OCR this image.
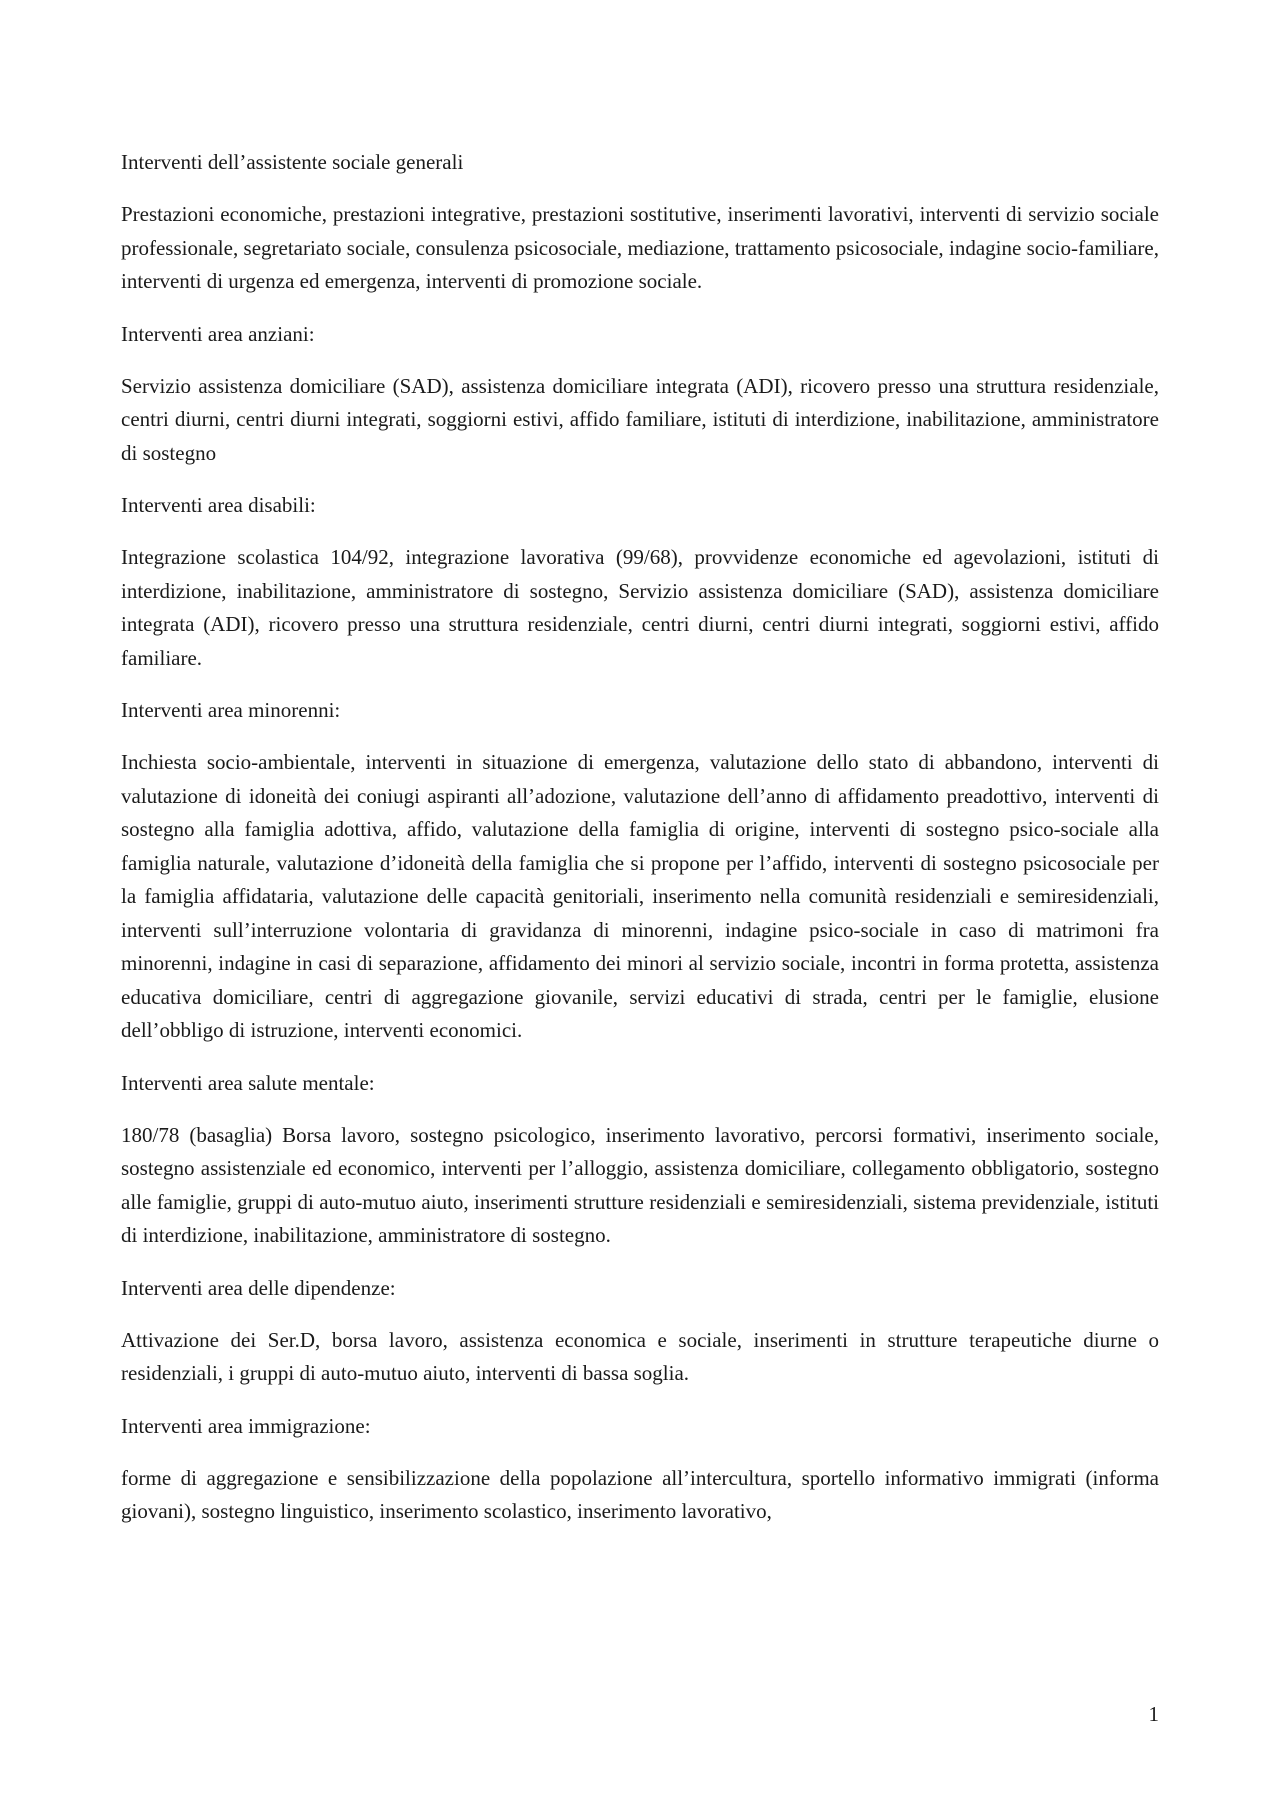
Interventi dell’assistente sociale generali
Prestazioni economiche, prestazioni integrative, prestazioni sostitutive, inserimenti lavorativi, interventi di servizio sociale professionale, segretariato sociale, consulenza psicosociale, mediazione, trattamento psicosociale, indagine socio-familiare, interventi di urgenza ed emergenza, interventi di promozione sociale.
Interventi area anziani:
Servizio assistenza domiciliare (SAD), assistenza domiciliare integrata (ADI), ricovero presso una struttura residenziale, centri diurni, centri diurni integrati, soggiorni estivi, affido familiare, istituti di interdizione, inabilitazione, amministratore di sostegno
Interventi area disabili:
Integrazione scolastica 104/92, integrazione lavorativa (99/68), provvidenze economiche ed agevolazioni, istituti di interdizione, inabilitazione, amministratore di sostegno, Servizio assistenza domiciliare (SAD), assistenza domiciliare integrata (ADI), ricovero presso una struttura residenziale, centri diurni, centri diurni integrati, soggiorni estivi, affido familiare.
Interventi area minorenni:
Inchiesta socio-ambientale, interventi in situazione di emergenza, valutazione dello stato di abbandono, interventi di valutazione di idoneità dei coniugi aspiranti all’adozione, valutazione dell’anno di affidamento preadottivo, interventi di sostegno alla famiglia adottiva, affido, valutazione della famiglia di origine, interventi di sostegno psico-sociale alla famiglia naturale, valutazione d’idoneità della famiglia che si propone per l’affido, interventi di sostegno psicosociale per la famiglia affidataria, valutazione delle capacità genitoriali, inserimento nella comunità residenziali e semiresidenziali, interventi sull’interruzione volontaria di gravidanza di minorenni, indagine psico-sociale in caso di matrimoni fra minorenni, indagine in casi di separazione, affidamento dei minori al servizio sociale, incontri in forma protetta, assistenza educativa domiciliare, centri di aggregazione giovanile, servizi educativi di strada, centri per le famiglie, elusione dell’obbligo di istruzione, interventi economici.
Interventi area salute mentale:
180/78 (basaglia) Borsa lavoro, sostegno psicologico, inserimento lavorativo, percorsi formativi, inserimento sociale, sostegno assistenziale ed economico, interventi per l’alloggio, assistenza domiciliare, collegamento obbligatorio, sostegno alle famiglie, gruppi di auto-mutuo aiuto, inserimenti strutture residenziali e semiresidenziali, sistema previdenziale, istituti di interdizione, inabilitazione, amministratore di sostegno.
Interventi area delle dipendenze:
Attivazione dei Ser.D, borsa lavoro, assistenza economica e sociale, inserimenti in strutture terapeutiche diurne o residenziali, i gruppi di auto-mutuo aiuto, interventi di bassa soglia.
Interventi area immigrazione:
forme di aggregazione e sensibilizzazione della popolazione all’intercultura, sportello informativo immigrati (informa giovani), sostegno linguistico, inserimento scolastico, inserimento lavorativo,
1
